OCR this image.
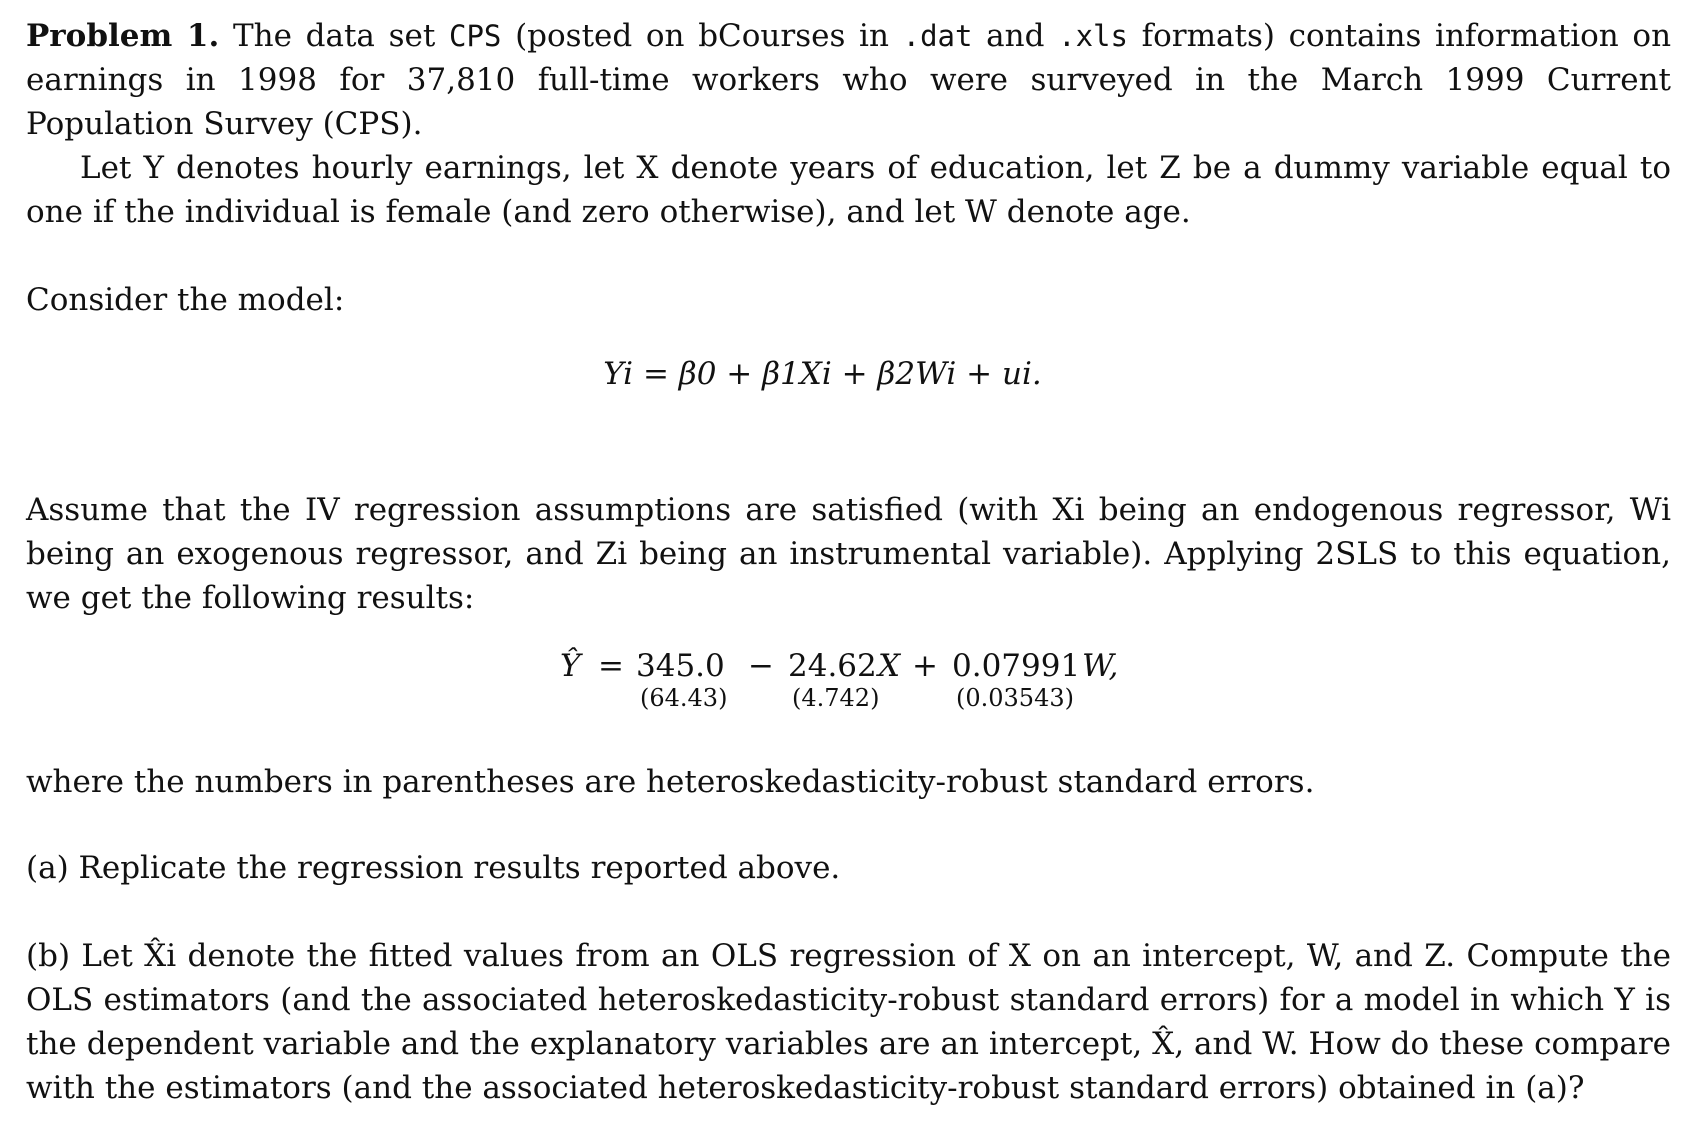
Problem 1. The data set CPS (posted on bCourses in .dat and .xls formats) contains information on earnings in 1998 for 37,810 full-time workers who were surveyed in the March 1999 Current Population Survey (CPS).

Let Y denotes hourly earnings, let X denote years of education, let Z be a dummy variable equal to one if the individual is female (and zero otherwise), and let W denote age.

Consider the model:

Yi = β0 + β1Xi + β2Wi + ui.

Assume that the IV regression assumptions are satisfied (with Xi being an endogenous regressor, Wi being an exogenous regressor, and Zi being an instrumental variable). Applying 2SLS to this equation, we get the following results:

Ŷ = 345.0 − 24.62 X + 0.07991 W,
(64.43)	(4.742)	(0.03543)

where the numbers in parentheses are heteroskedasticity-robust standard errors.

(a) Replicate the regression results reported above.

(b) Let X̂i denote the fitted values from an OLS regression of X on an intercept, W, and Z. Compute the OLS estimators (and the associated heteroskedasticity-robust standard errors) for a model in which Y is the dependent variable and the explanatory variables are an intercept, X̂, and W. How do these compare with the estimators (and the associated heteroskedasticity-robust standard errors) obtained in (a)?
